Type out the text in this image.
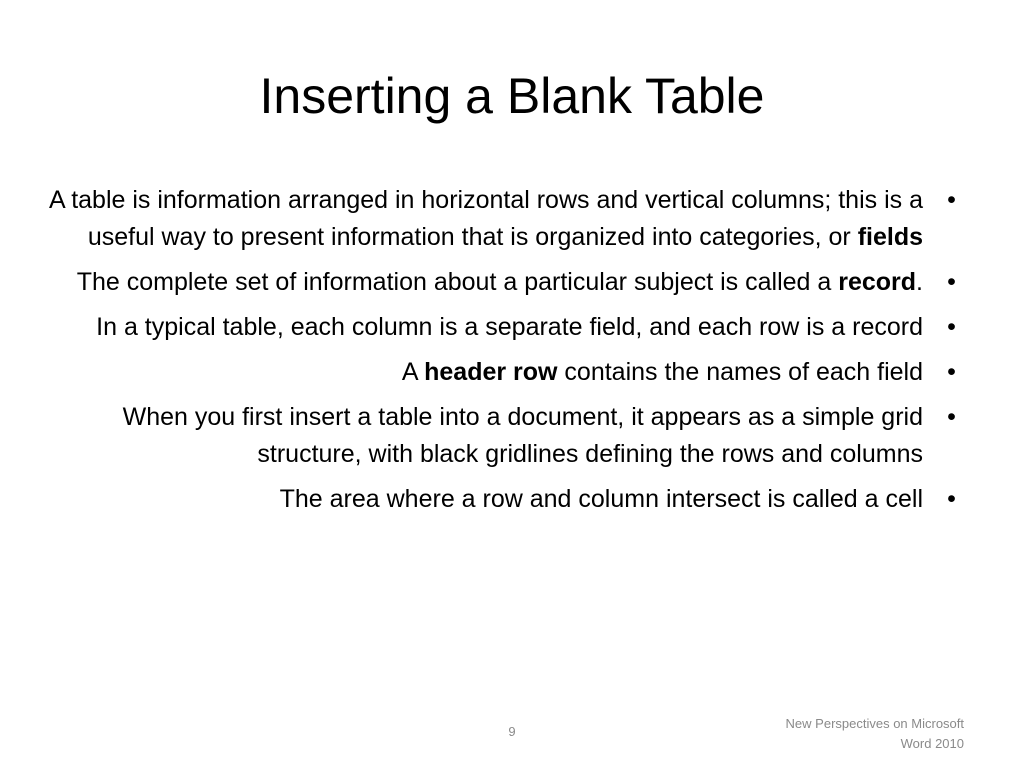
Inserting a Blank Table
A table is information arranged in horizontal rows and vertical columns; this is a useful way to present information that is organized into categories, or fields
•
The complete set of information about a particular subject is called a record. •
In a typical table, each column is a separate field, and each row is a record •
A header row contains the names of each field •
When you first insert a table into a document, it appears as a simple grid structure, with black gridlines defining the rows and columns
•
The area where a row and column intersect is called a cell •
9
New Perspectives on Microsoft
Word 2010
